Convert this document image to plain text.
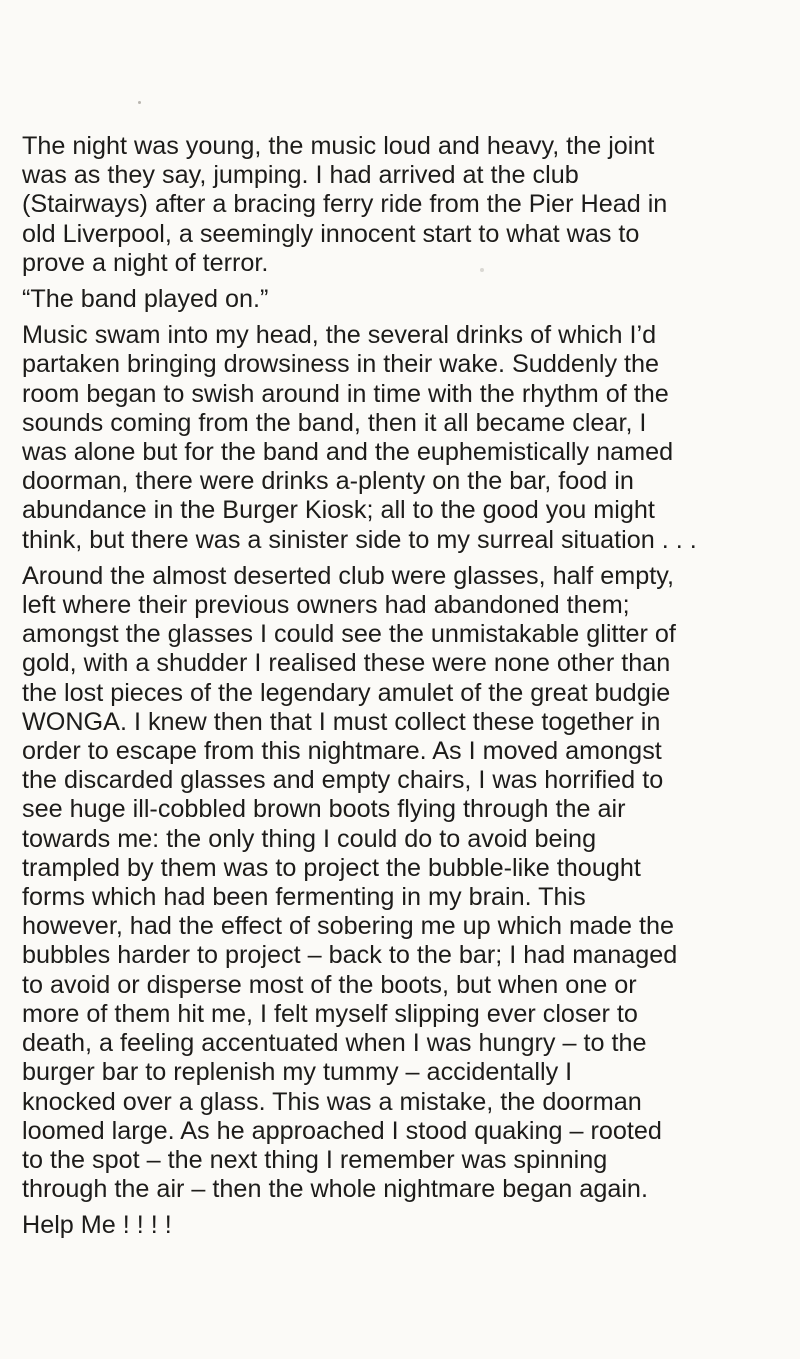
The night was young, the music loud and heavy, the joint
was as they say, jumping. I had arrived at the club
(Stairways) after a bracing ferry ride from the Pier Head in
old Liverpool, a seemingly innocent start to what was to
prove a night of terror.

“The band played on.”

Music swam into my head, the several drinks of which I’d
partaken bringing drowsiness in their wake. Suddenly the
room began to swish around in time with the rhythm of the
sounds coming from the band, then it all became clear, I
was alone but for the band and the euphemistically named
doorman, there were drinks a-plenty on the bar, food in
abundance in the Burger Kiosk; all to the good you might
think, but there was a sinister side to my surreal situation . . .

Around the almost deserted club were glasses, half empty,
left where their previous owners had abandoned them;
amongst the glasses I could see the unmistakable glitter of
gold, with a shudder I realised these were none other than
the lost pieces of the legendary amulet of the great budgie
WONGA. I knew then that I must collect these together in
order to escape from this nightmare. As I moved amongst
the discarded glasses and empty chairs, I was horrified to
see huge ill-cobbled brown boots flying through the air
towards me: the only thing I could do to avoid being
trampled by them was to project the bubble-like thought
forms which had been fermenting in my brain. This
however, had the effect of sobering me up which made the
bubbles harder to project – back to the bar; I had managed
to avoid or disperse most of the boots, but when one or
more of them hit me, I felt myself slipping ever closer to
death, a feeling accentuated when I was hungry – to the
burger bar to replenish my tummy – accidentally I
knocked over a glass. This was a mistake, the doorman
loomed large. As he approached I stood quaking – rooted
to the spot – the next thing I remember was spinning
through the air – then the whole nightmare began again.

Help Me ! ! ! !
